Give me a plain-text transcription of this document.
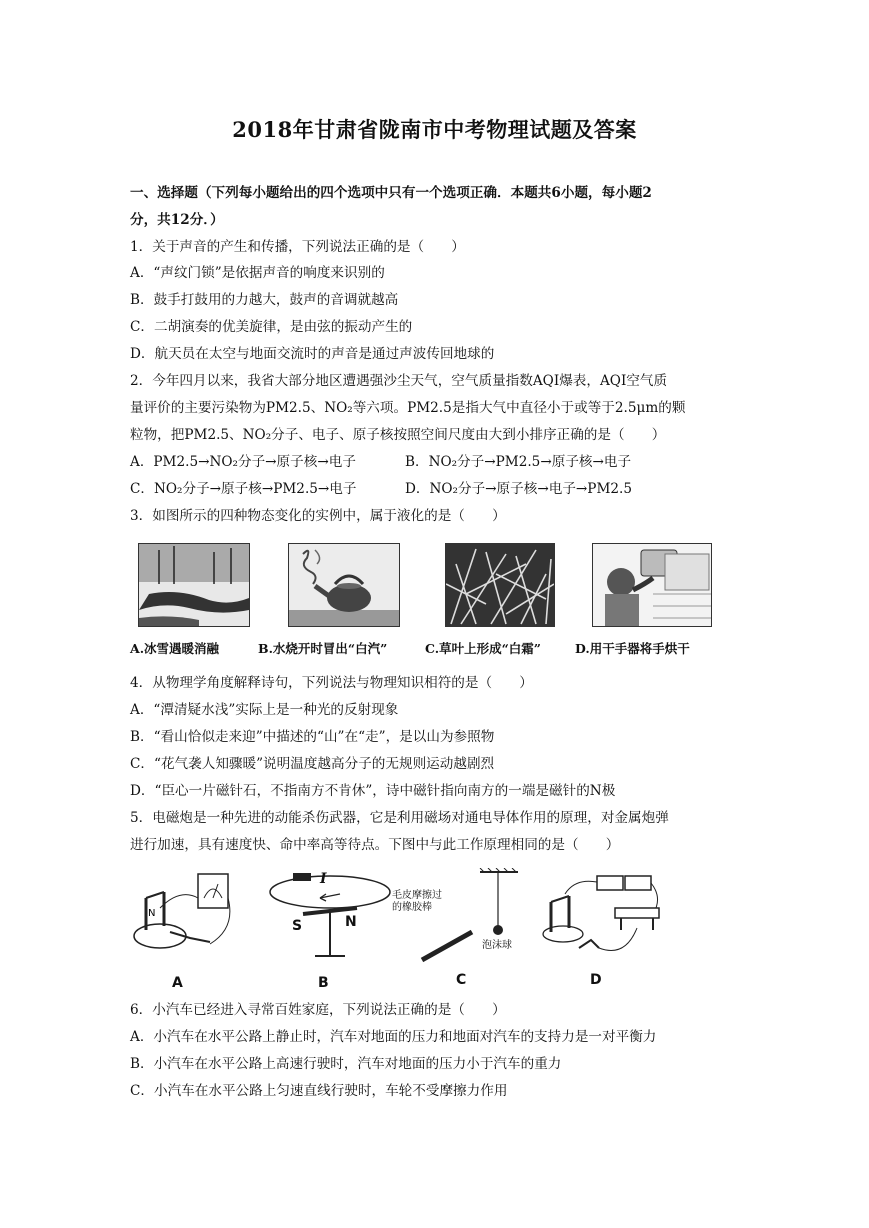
2018年甘肃省陇南市中考物理试题及答案
一、选择题（下列每小题给出的四个选项中只有一个选项正确．本题共6小题，每小题2
分，共12分．）
1．关于声音的产生和传播，下列说法正确的是（　　）
A．“声纹门锁”是依据声音的响度来识别的
B．鼓手打鼓用的力越大，鼓声的音调就越高
C．二胡演奏的优美旋律，是由弦的振动产生的
D．航天员在太空与地面交流时的声音是通过声波传回地球的
2．今年四月以来，我省大部分地区遭遇强沙尘天气，空气质量指数AQI爆表，AQI空气质
量评价的主要污染物为PM2.5、NO₂等六项。PM2.5是指大气中直径小于或等于2.5μm的颗
粒物，把PM2.5、NO₂分子、电子、原子核按照空间尺度由大到小排序正确的是（　　）
A．PM2.5→NO₂分子→原子核→电子	B．NO₂分子→PM2.5→原子核→电子
C．NO₂分子→原子核→PM2.5→电子	D．NO₂分子→原子核→电子→PM2.5
3．如图所示的四种物态变化的实例中，属于液化的是（　　）
A.冰雪遇暖消融	B.水烧开时冒出“白汽”	C.草叶上形成“白霜”	D.用干手器将手烘干
4．从物理学角度解释诗句，下列说法与物理知识相符的是（　　）
A．“潭清疑水浅”实际上是一种光的反射现象
B．“看山恰似走来迎”中描述的“山”在“走”，是以山为参照物
C．“花气袭人知骤暖”说明温度越高分子的无规则运动越剧烈
D．“臣心一片磁针石，不指南方不肯休”，诗中磁针指向南方的一端是磁针的N极
5．电磁炮是一种先进的动能杀伤武器，它是利用磁场对通电导体作用的原理，对金属炮弹
进行加速，具有速度快、命中率高等待点。下图中与此工作原理相同的是（　　）
N
I
S	N
毛皮摩擦过
的橡胶棒
泡沫球
A	B	C	D
6．小汽车已经进入寻常百姓家庭，下列说法正确的是（　　）
A．小汽车在水平公路上静止时，汽车对地面的压力和地面对汽车的支持力是一对平衡力
B．小汽车在水平公路上高速行驶时，汽车对地面的压力小于汽车的重力
C．小汽车在水平公路上匀速直线行驶时，车轮不受摩擦力作用
